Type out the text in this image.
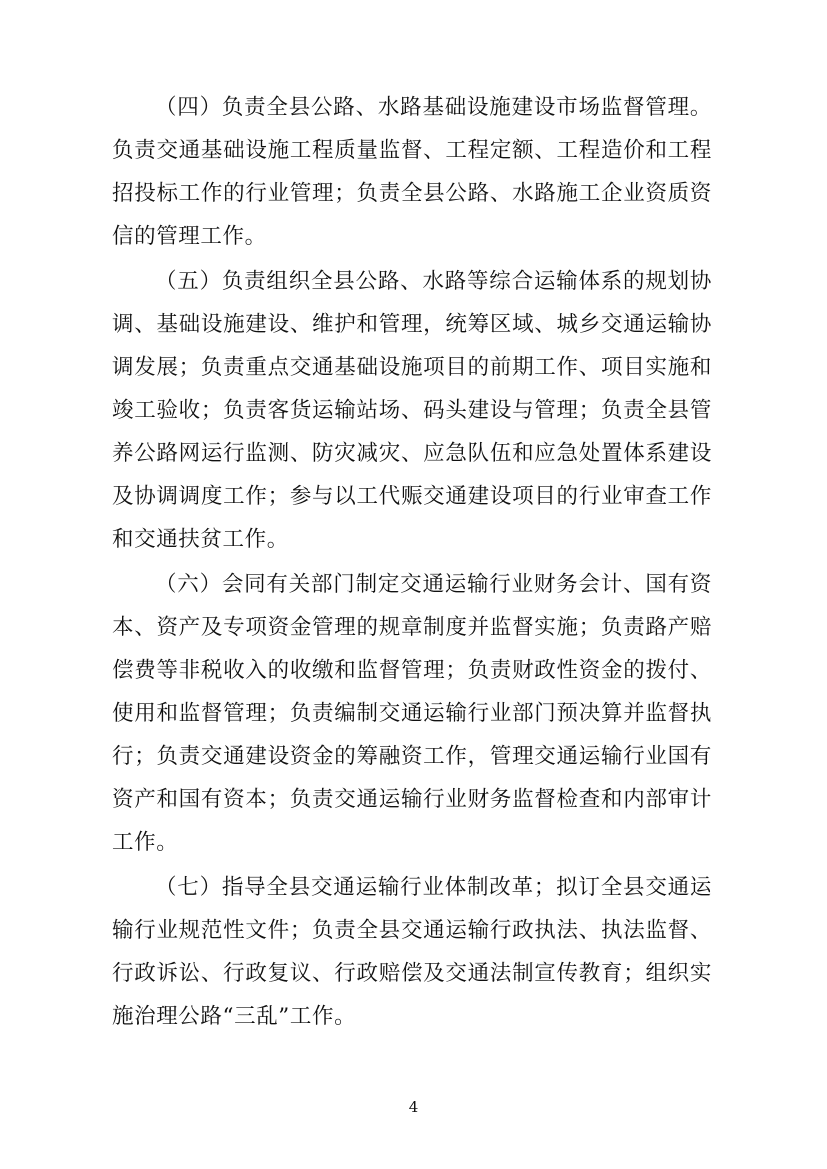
（四）负责全县公路、水路基础设施建设市场监督管理。负责交通基础设施工程质量监督、工程定额、工程造价和工程招投标工作的行业管理；负责全县公路、水路施工企业资质资信的管理工作。

（五）负责组织全县公路、水路等综合运输体系的规划协调、基础设施建设、维护和管理，统筹区域、城乡交通运输协调发展；负责重点交通基础设施项目的前期工作、项目实施和竣工验收；负责客货运输站场、码头建设与管理；负责全县管养公路网运行监测、防灾减灾、应急队伍和应急处置体系建设及协调调度工作；参与以工代赈交通建设项目的行业审查工作和交通扶贫工作。

（六）会同有关部门制定交通运输行业财务会计、国有资本、资产及专项资金管理的规章制度并监督实施；负责路产赔偿费等非税收入的收缴和监督管理；负责财政性资金的拨付、使用和监督管理；负责编制交通运输行业部门预决算并监督执行；负责交通建设资金的筹融资工作，管理交通运输行业国有资产和国有资本；负责交通运输行业财务监督检查和内部审计工作。

（七）指导全县交通运输行业体制改革；拟订全县交通运输行业规范性文件；负责全县交通运输行政执法、执法监督、行政诉讼、行政复议、行政赔偿及交通法制宣传教育；组织实施治理公路“三乱”工作。

4
